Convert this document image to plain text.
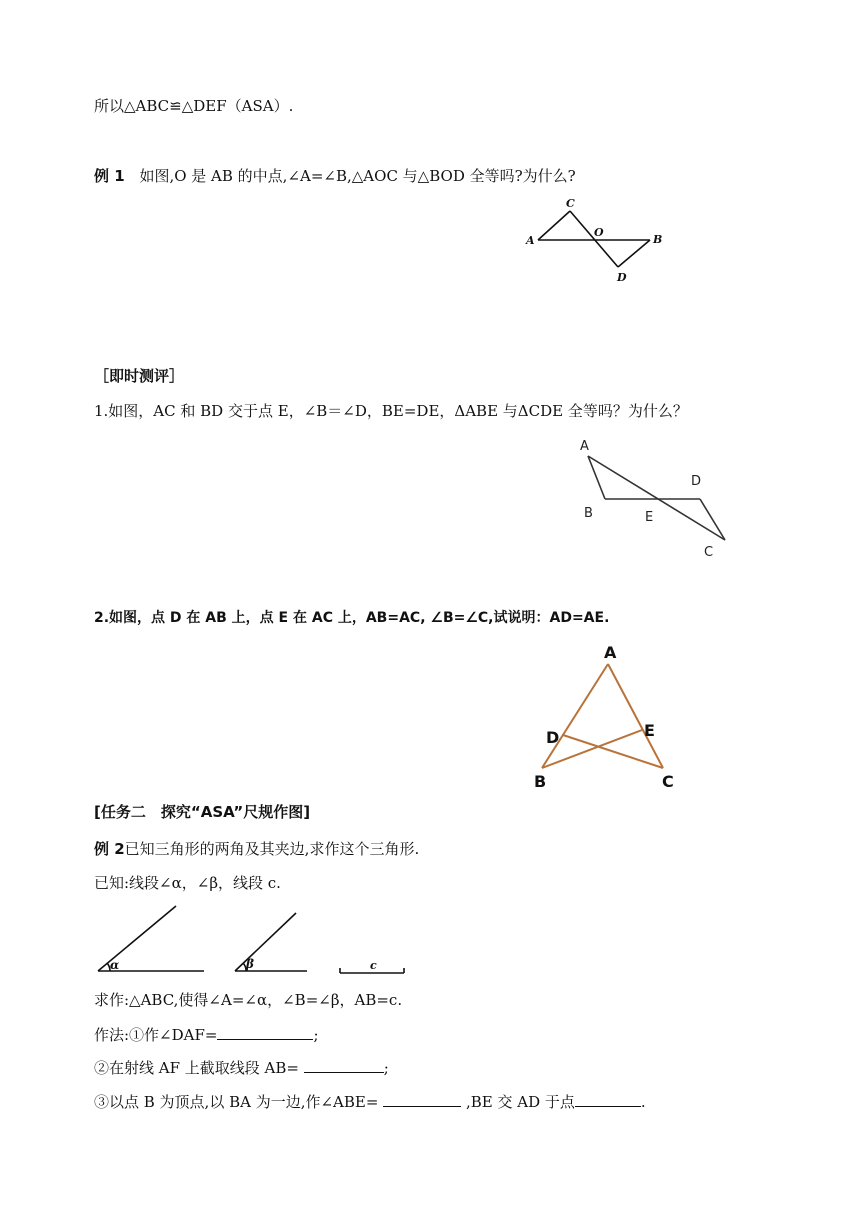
所以△ABC≌△DEF（ASA）.
例 1 如图,O 是 AB 的中点,∠A=∠B,△AOC 与△BOD 全等吗?为什么?
［即时测评］
1.如图，AC 和 BD 交于点 E，∠B＝∠D，BE=DE，ΔABE 与ΔCDE 全等吗？为什么？
2.如图，点 D 在 AB 上，点 E 在 AC 上，AB=AC, ∠B=∠C,试说明：AD=AE.
[任务二　探究“ASA”尺规作图]
例 2已知三角形的两角及其夹边,求作这个三角形.
已知:线段∠α，∠β，线段 c.
求作:△ABC,使得∠A=∠α，∠B=∠β，AB=c.
作法:①作∠DAF=	;
②在射线 AF 上截取线段 AB=	;
③以点 B 为顶点,以 BA 为一边,作∠ABE=	,BE 交 AD 于点	.
A
C
O
B
D
A
B	E
D
C
A
D	E
B	C
α	β	c
